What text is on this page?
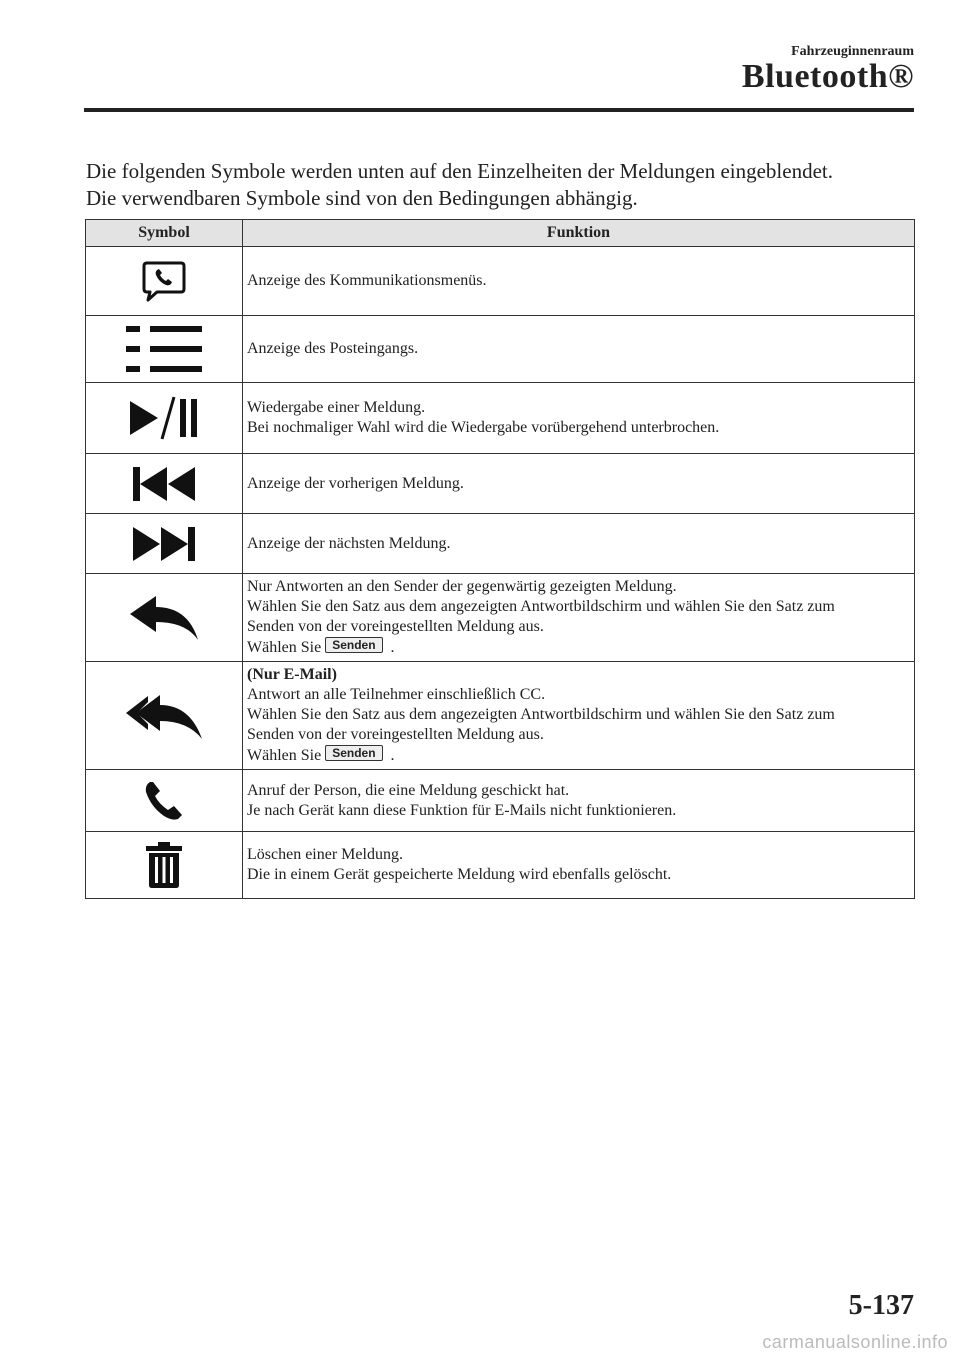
Fahrzeuginnenraum
Bluetooth®

Die folgenden Symbole werden unten auf den Einzelheiten der Meldungen eingeblendet.

Die verwendbaren Symbole sind von den Bedingungen abhängig.

Symbol	Funktion

Anzeige des Kommunikationsmenüs.

Anzeige des Posteingangs.

Wiedergabe einer Meldung.
Bei nochmaliger Wahl wird die Wiedergabe vorübergehend unterbrochen.

Anzeige der vorherigen Meldung.

Anzeige der nächsten Meldung.

Nur Antworten an den Sender der gegenwärtig gezeigten Meldung.
Wählen Sie den Satz aus dem angezeigten Antwortbildschirm und wählen Sie den Satz zum
Senden von der voreingestellten Meldung aus.
Wählen Sie Senden .

(Nur E-Mail)
Antwort an alle Teilnehmer einschließlich CC.
Wählen Sie den Satz aus dem angezeigten Antwortbildschirm und wählen Sie den Satz zum
Senden von der voreingestellten Meldung aus.
Wählen Sie Senden .

Anruf der Person, die eine Meldung geschickt hat.
Je nach Gerät kann diese Funktion für E-Mails nicht funktionieren.

Löschen einer Meldung.
Die in einem Gerät gespeicherte Meldung wird ebenfalls gelöscht.
5-137
carmanualsonline.info
